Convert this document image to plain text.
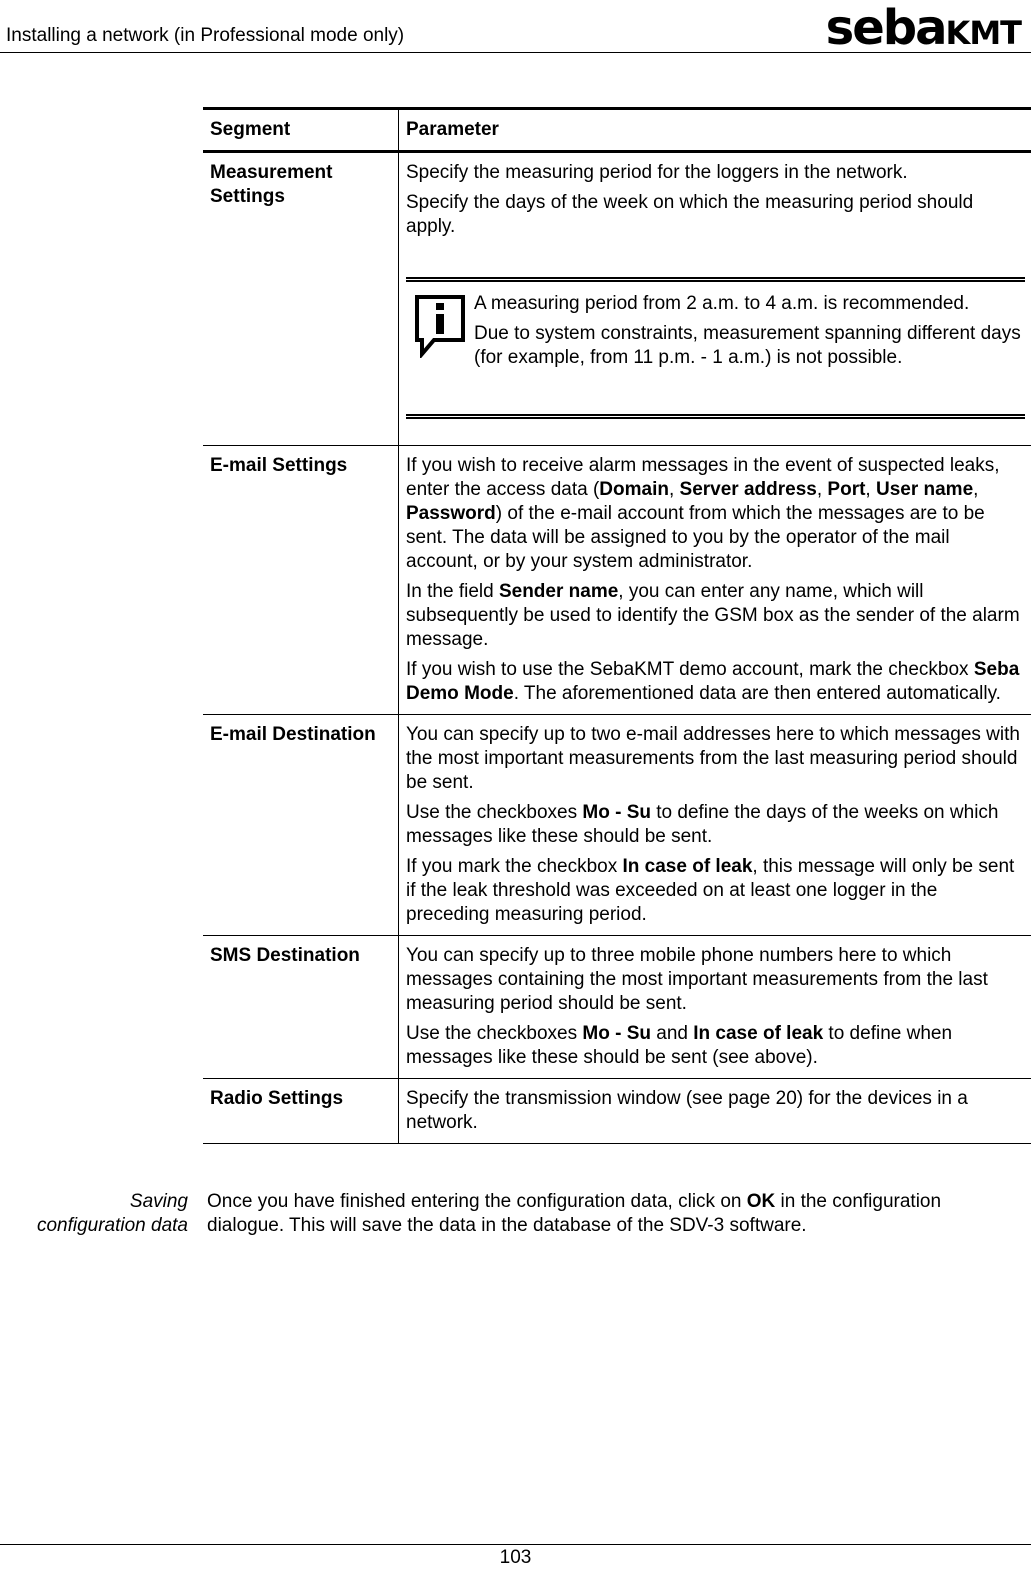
Installing a network (in Professional mode only)	sebaKMT
Segment	Parameter
Measurement Settings	Specify the measuring period for the loggers in the network.

Specify the days of the week on which the measuring period should apply.

A measuring period from 2 a.m. to 4 a.m. is recommended.

Due to system constraints, measurement spanning different days (for example, from 11 p.m. - 1 a.m.) is not possible.

E-mail Settings	If you wish to receive alarm messages in the event of suspected leaks, enter the access data (Domain, Server address, Port, User name, Password) of the e-mail account from which the messages are to be sent. The data will be assigned to you by the operator of the mail account, or by your system administrator.

In the field Sender name, you can enter any name, which will subsequently be used to identify the GSM box as the sender of the alarm message.

If you wish to use the SebaKMT demo account, mark the checkbox Seba Demo Mode. The aforementioned data are then entered automatically.

E-mail Destination	You can specify up to two e-mail addresses here to which messages with the most important measurements from the last measuring period should be sent.

Use the checkboxes Mo - Su to define the days of the weeks on which messages like these should be sent.

If you mark the checkbox In case of leak, this message will only be sent if the leak threshold was exceeded on at least one logger in the preceding measuring period.

SMS Destination	You can specify up to three mobile phone numbers here to which messages containing the most important measurements from the last measuring period should be sent.

Use the checkboxes Mo - Su and In case of leak to define when messages like these should be sent (see above).

Radio Settings	Specify the transmission window (see page 20) for the devices in a network.

Saving
configuration data
Once you have finished entering the configuration data, click on OK in the configuration dialogue. This will save the data in the database of the SDV-3 software.
103
